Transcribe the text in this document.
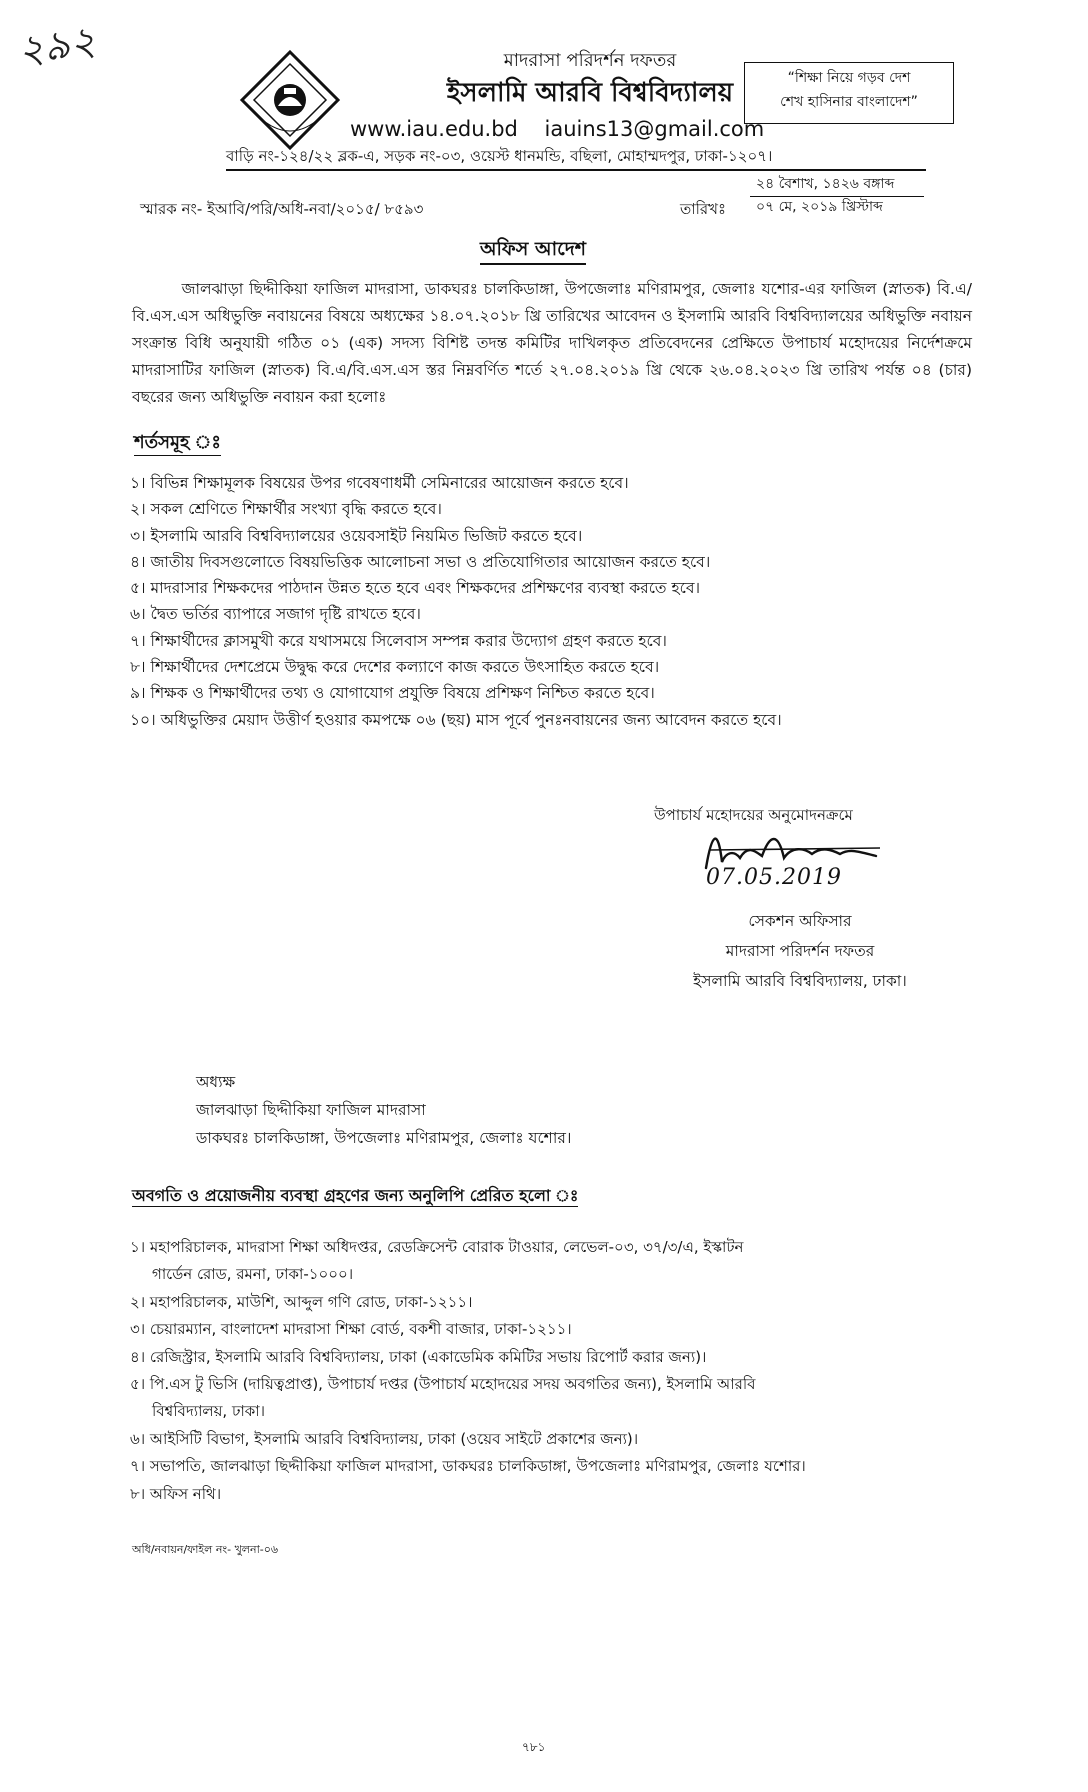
২৯২	মাদরাসা পরিদর্শন দফতর
ইসলামি আরবি বিশ্ববিদ্যালয়
www.iau.edu.bd iauins13@gmail.com
“শিক্ষা নিয়ে গড়ব দেশ
শেখ হাসিনার বাংলাদেশ”
বাড়ি নং-১২৪/২২ ব্লক-এ, সড়ক নং-০৩, ওয়েস্ট ধানমন্ডি, বছিলা, মোহাম্মদপুর, ঢাকা-১২০৭।
স্মারক নং- ইআবি/পরি/অধি-নবা/২০১৫/ ৮৫৯৩	তারিখঃ
২৪ বৈশাখ, ১৪২৬ বঙ্গাব্দ
০৭ মে, ২০১৯ খ্রিস্টাব্দ
অফিস আদেশ
জালঝাড়া ছিদ্দীকিয়া ফাজিল মাদরাসা, ডাকঘরঃ চালকিডাঙ্গা, উপজেলাঃ মণিরামপুর, জেলাঃ যশোর-এর ফাজিল (স্নাতক) বি.এ/বি.এস.এস অধিভুক্তি নবায়নের বিষয়ে অধ্যক্ষের ১৪.০৭.২০১৮ খ্রি তারিখের আবেদন ও ইসলামি আরবি বিশ্ববিদ্যালয়ের অধিভুক্তি নবায়ন সংক্রান্ত বিধি অনুযায়ী গঠিত ০১ (এক) সদস্য বিশিষ্ট তদন্ত কমিটির দাখিলকৃত প্রতিবেদনের প্রেক্ষিতে উপাচার্য মহোদয়ের নির্দেশক্রমে মাদরাসাটির ফাজিল (স্নাতক) বি.এ/বি.এস.এস স্তর নিম্নবর্ণিত শর্তে ২৭.০৪.২০১৯ খ্রি থেকে ২৬.০৪.২০২৩ খ্রি তারিখ পর্যন্ত ০৪ (চার) বছরের জন্য অধিভুক্তি নবায়ন করা হলোঃ
শর্তসমূহ ঃ
১। বিভিন্ন শিক্ষামূলক বিষয়ের উপর গবেষণাধর্মী সেমিনারের আয়োজন করতে হবে।
২। সকল শ্রেণিতে শিক্ষার্থীর সংখ্যা বৃদ্ধি করতে হবে।
৩। ইসলামি আরবি বিশ্ববিদ্যালয়ের ওয়েবসাইট নিয়মিত ভিজিট করতে হবে।
৪। জাতীয় দিবসগুলোতে বিষয়ভিত্তিক আলোচনা সভা ও প্রতিযোগিতার আয়োজন করতে হবে।
৫। মাদরাসার শিক্ষকদের পাঠদান উন্নত হতে হবে এবং শিক্ষকদের প্রশিক্ষণের ব্যবস্থা করতে হবে।
৬। দ্বৈত ভর্তির ব্যাপারে সজাগ দৃষ্টি রাখতে হবে।
৭। শিক্ষার্থীদের ক্লাসমুখী করে যথাসময়ে সিলেবাস সম্পন্ন করার উদ্যোগ গ্রহণ করতে হবে।
৮। শিক্ষার্থীদের দেশপ্রেমে উদ্বুদ্ধ করে দেশের কল্যাণে কাজ করতে উৎসাহিত করতে হবে।
৯। শিক্ষক ও শিক্ষার্থীদের তথ্য ও যোগাযোগ প্রযুক্তি বিষয়ে প্রশিক্ষণ নিশ্চিত করতে হবে।
১০। অধিভুক্তির মেয়াদ উত্তীর্ণ হওয়ার কমপক্ষে ০৬ (ছয়) মাস পূর্বে পুনঃনবায়নের জন্য আবেদন করতে হবে।
উপাচার্য মহোদয়ের অনুমোদনক্রমে
07.05.2019
সেকশন অফিসার
মাদরাসা পরিদর্শন দফতর
ইসলামি আরবি বিশ্ববিদ্যালয়, ঢাকা।
অধ্যক্ষ
জালঝাড়া ছিদ্দীকিয়া ফাজিল মাদরাসা
ডাকঘরঃ চালকিডাঙ্গা, উপজেলাঃ মণিরামপুর, জেলাঃ যশোর।
অবগতি ও প্রয়োজনীয় ব্যবস্থা গ্রহণের জন্য অনুলিপি প্রেরিত হলো ঃ
১। মহাপরিচালক, মাদরাসা শিক্ষা অধিদপ্তর, রেডক্রিসেন্ট বোরাক টাওয়ার, লেভেল-০৩, ৩৭/৩/এ, ইস্কাটন
গার্ডেন রোড, রমনা, ঢাকা-১০০০।
২। মহাপরিচালক, মাউশি, আব্দুল গণি রোড, ঢাকা-১২১১।
৩। চেয়ারম্যান, বাংলাদেশ মাদরাসা শিক্ষা বোর্ড, বকশী বাজার, ঢাকা-১২১১।
৪। রেজিস্ট্রার, ইসলামি আরবি বিশ্ববিদ্যালয়, ঢাকা (একাডেমিক কমিটির সভায় রিপোর্ট করার জন্য)।
৫। পি.এস টু ভিসি (দায়িত্বপ্রাপ্ত), উপাচার্য দপ্তর (উপাচার্য মহোদয়ের সদয় অবগতির জন্য), ইসলামি আরবি
বিশ্ববিদ্যালয়, ঢাকা।
৬। আইসিটি বিভাগ, ইসলামি আরবি বিশ্ববিদ্যালয়, ঢাকা (ওয়েব সাইটে প্রকাশের জন্য)।
৭। সভাপতি, জালঝাড়া ছিদ্দীকিয়া ফাজিল মাদরাসা, ডাকঘরঃ চালকিডাঙ্গা, উপজেলাঃ মণিরামপুর, জেলাঃ যশোর।
৮। অফিস নথি।
অধি/নবায়ন/ফাইল নং- খুলনা-০৬
৭৮১
